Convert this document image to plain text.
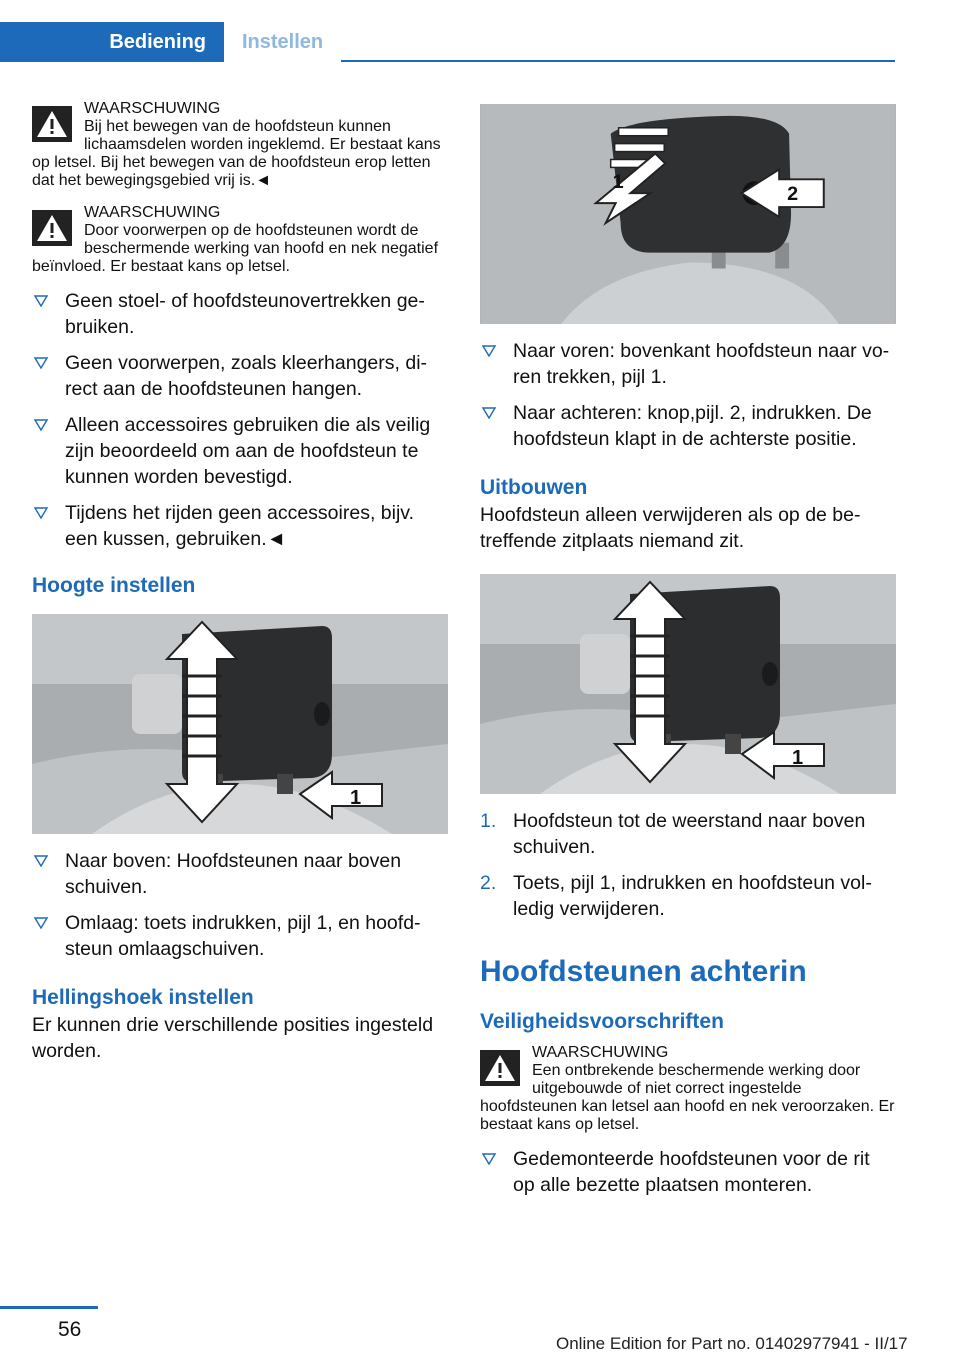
Bediening	Instellen
WAARSCHUWING
Bij het bewegen van de hoofdsteun kunnen lichaamsdelen worden ingeklemd. Er bestaat kans op letsel. Bij het bewegen van de hoofdsteun erop letten dat het bewegingsgebied vrij is.◄

WAARSCHUWING
Door voorwerpen op de hoofdsteunen wordt de beschermende werking van hoofd en nek negatief beïnvloed. Er bestaat kans op letsel.

Geen stoel- of hoofdsteunovertrekken gebruiken.
Geen voorwerpen, zoals kleerhangers, direct aan de hoofdsteunen hangen.
Alleen accessoires gebruiken die als veilig zijn beoordeeld om aan de hoofdsteun te kunnen worden bevestigd.
Tijdens het rijden geen accessoires, bijv. een kussen, gebruiken.◄
Hoogte instellen
1
Naar boven: Hoofdsteunen naar boven schuiven.
Omlaag: toets indrukken, pijl 1, en hoofdsteun omlaagschuiven.
Hellingshoek instellen

Er kunnen drie verschillende posities ingesteld worden.

1
2
Naar voren: bovenkant hoofdsteun naar voren trekken, pijl 1.
Naar achteren: knop,pijl. 2, indrukken. De hoofdsteun klapt in de achterste positie.
Uitbouwen

Hoofdsteun alleen verwijderen als op de betreffende zitplaats niemand zit.

1
1. Hoofdsteun tot de weerstand naar boven schuiven.
2. Toets, pijl 1, indrukken en hoofdsteun volledig verwijderen.
Hoofdsteunen achterin
Veiligheidsvoorschriften
WAARSCHUWING
Een ontbrekende beschermende werking door uitgebouwde of niet correct ingestelde hoofdsteunen kan letsel aan hoofd en nek veroorzaken. Er bestaat kans op letsel.

Gedemonteerde hoofdsteunen voor de rit op alle bezette plaatsen monteren.
56
Online Edition for Part no. 01402977941 - II/17
